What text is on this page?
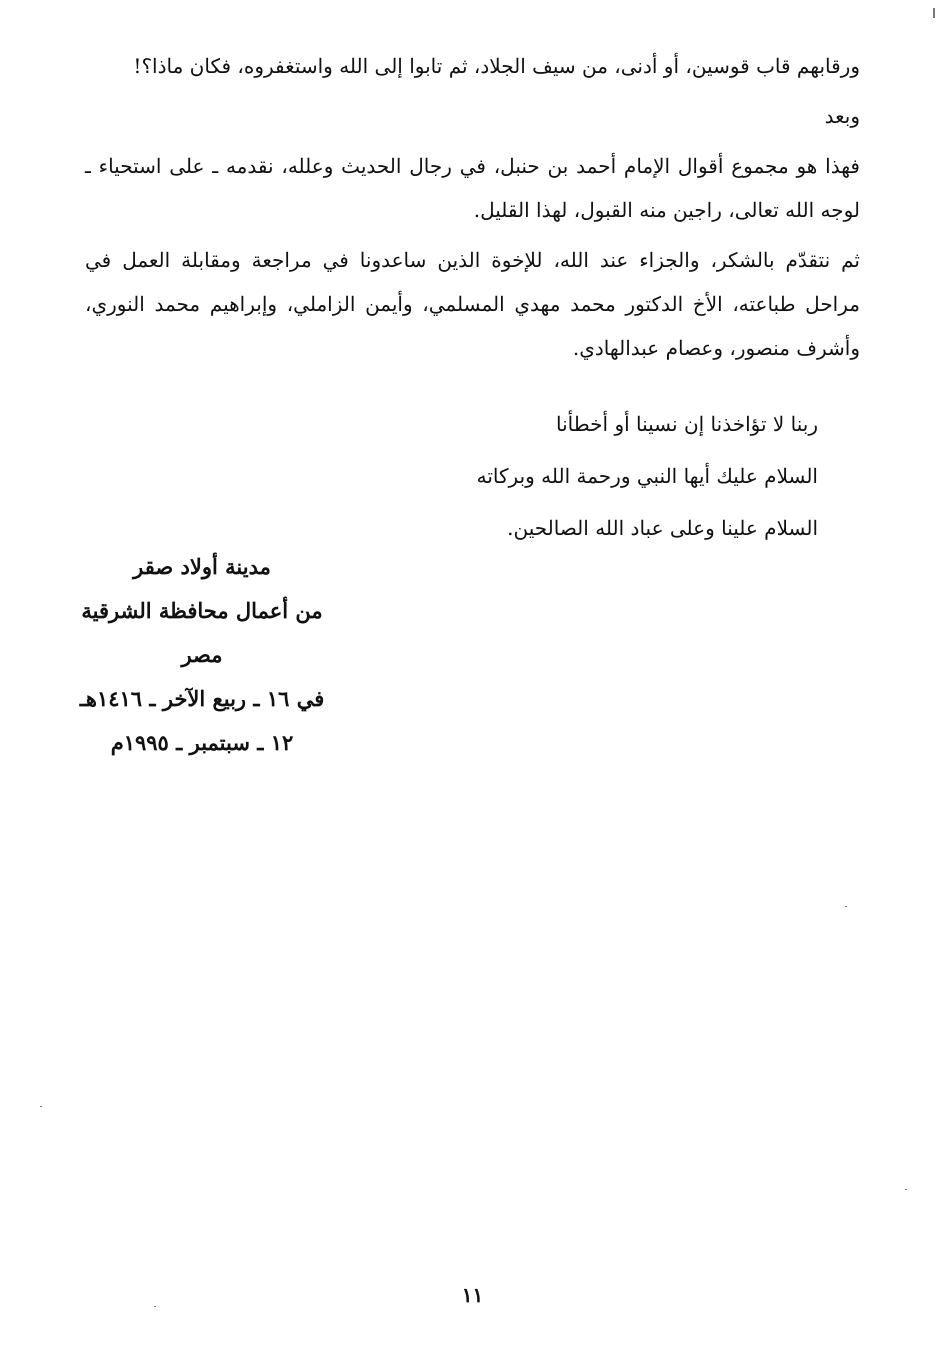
ورقابهم قاب قوسين، أو أدنى، من سيف الجلاد، ثم تابوا إلى الله واستغفروه، فكان ماذا؟!

وبعد

فهذا هو مجموع أقوال الإمام أحمد بن حنبل، في رجال الحديث وعلله، نقدمه ـ على استحياء ـ لوجه الله تعالى، راجين منه القبول، لهذا القليل.

ثم نتقدّم بالشكر، والجزاء عند الله، للإخوة الذين ساعدونا في مراجعة ومقابلة العمل في مراحل طباعته، الأخ الدكتور محمد مهدي المسلمي، وأيمن الزاملي، وإبراهيم محمد النوري، وأشرف منصور، وعصام عبدالهادي.

ربنا لا تؤاخذنا إن نسينا أو أخطأنا
السلام عليك أيها النبي ورحمة الله وبركاته
السلام علينا وعلى عباد الله الصالحين.
مدينة أولاد صقر
من أعمال محافظة الشرقية
مصر
في ١٦ ـ ربيع الآخر ـ ١٤١٦هـ
١٢ ـ سبتمبر ـ ١٩٩٥م
١١
